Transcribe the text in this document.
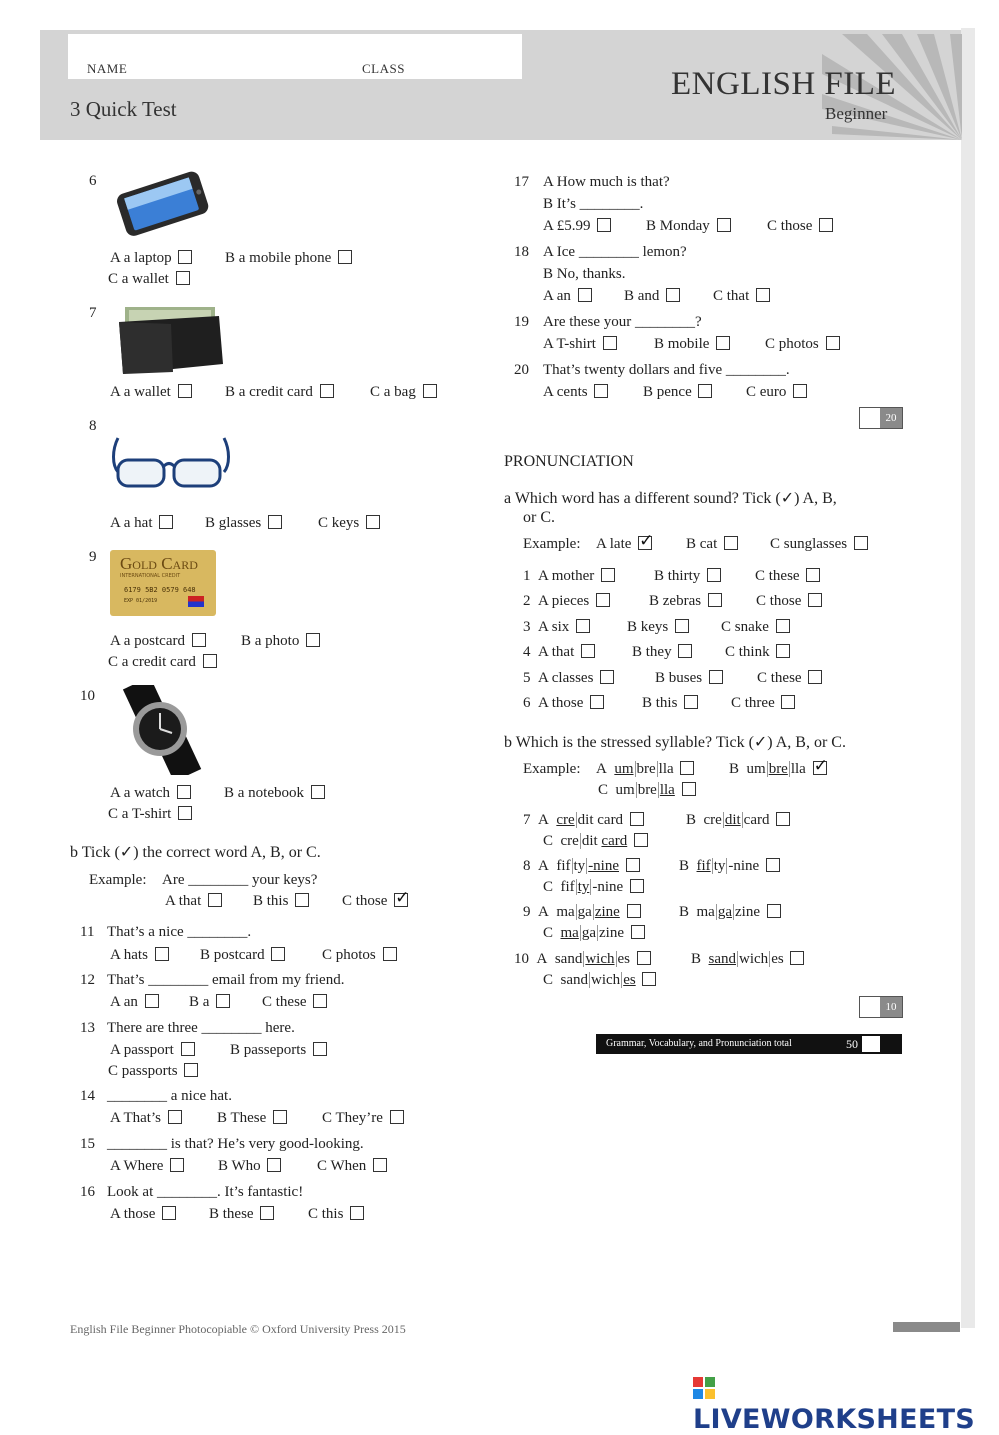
NAME	CLASS
3 Quick Test
ENGLISH FILE
Beginner
6
A a laptop	B a mobile phone
C a wallet
7
A a wallet	B a credit card	C a bag
8
A a hat	B glasses	C keys
9 Gold Card
INTERNATIONAL CREDIT
6179 5B2 0579 648
EXP 01/2019
A a postcard	B a photo
C a credit card
10
A a watch	B a notebook
C a T-shirt
b Tick (✓) the correct word A, B, or C.
Example: Are ________ your keys?
A that	B this	C those ✓
11 That’s a nice ________.
A hats	B postcard	C photos
12 That’s ________ email from my friend.
A an	B a	C these
13 There are three ________ here.
A passport	B passeports
C passports
14 ________ a nice hat.
A That’s	B These	C They’re
15 ________ is that? He’s very good-looking.
A Where	B Who	C When
16 Look at ________. It’s fantastic!
A those	B these	C this
17 A How much is that?
B It’s ________.
A £5.99	B Monday	C those
18 A Ice ________ lemon?
B No, thanks.
A an	B and	C that
19 Are these your ________?
A T-shirt	B mobile	C photos
20 That’s twenty dollars and five ________.
A cents	B pence	C euro
20
PRONUNCIATION
a Which word has a different sound? Tick (✓) A, B,
or C.
Example: A late ✓	B cat	C sunglasses
1 A mother	B thirty	C these
2 A pieces	B zebras	C those
3 A six	B keys	C snake
4 A that	B they	C think
5 A classes	B buses	C these
6 A those	B this	C three
b Which is the stressed syllable? Tick (✓) A, B, or C.
Example: A um bre lla	B um bre lla ✓
C um bre lla
7  A  cre dit card	B  cre dit card
C  cre dit card
8  A  fif ty -nine	B  fif ty -nine
C  fif ty -nine
9  A  ma ga zine	B  ma ga zine
C  ma ga zine
10  A  sand wich es	B  sand wich es
C  sand wich es
10
Grammar, Vocabulary, and Pronunciation total	50
English File Beginner Photocopiable © Oxford University Press 2015
LIVEWORKSHEETS
